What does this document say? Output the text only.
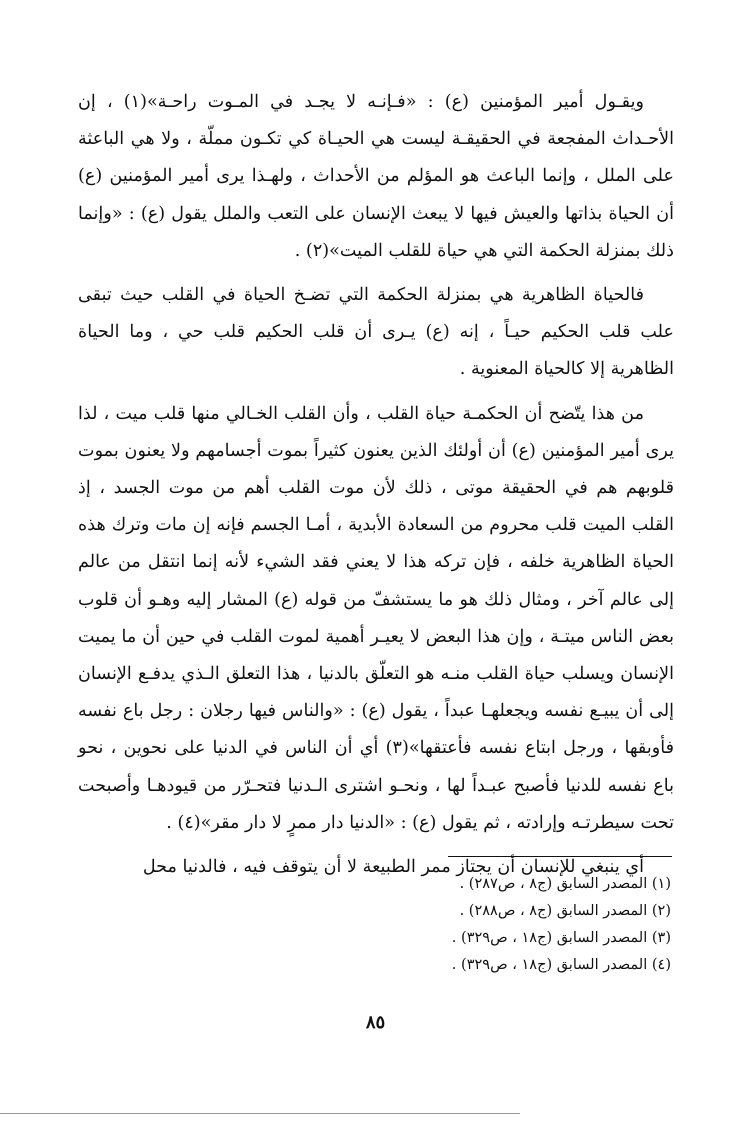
ويقـول أمير المؤمنين (ع) : «فـإنـه لا يجـد في المـوت راحـة»(١) ، إن الأحـداث المفجعة في الحقيقـة ليست هي الحيـاة كي تكـون مملّة ، ولا هي الباعثة على الملل ، وإنما الباعث هو المؤلم من الأحداث ، ولهـذا يرى أمير المؤمنين (ع) أن الحياة بذاتها والعيش فيها لا يبعث الإنسان على التعب والملل يقول (ع) : «وإنما ذلك بمنزلة الحكمة التي هي حياة للقلب الميت»(٢) .

فالحياة الظاهرية هي بمنزلة الحكمة التي تضـخ الحياة في القلب حيث تبقى علب قلب الحكيم حيـاً ، إنه (ع) يـرى أن قلب الحكيم قلب حي ، وما الحياة الظاهرية إلا كالحياة المعنوية .

من هذا يتّضح أن الحكمـة حياة القلب ، وأن القلب الخـالي منها قلب ميت ، لذا يرى أمير المؤمنين (ع) أن أولئك الذين يعنون كثيراً بموت أجسامهم ولا يعنون بموت قلوبهم هم في الحقيقة موتى ، ذلك لأن موت القلب أهم من موت الجسد ، إذ القلب الميت قلب محروم من السعادة الأبدية ، أمـا الجسم فإنه إن مات وترك هذه الحياة الظاهرية خلفه ، فإن تركه هذا لا يعني فقد الشيء لأنه إنما انتقل من عالم إلى عالم آخر ، ومثال ذلك هو ما يستشفّ من قوله (ع) المشار إليه وهـو أن قلوب بعض الناس ميتـة ، وإن هذا البعض لا يعيـر أهمية لموت القلب في حين أن ما يميت الإنسان ويسلب حياة القلب منـه هو التعلّق بالدنيا ، هذا التعلق الـذي يدفـع الإنسان إلى أن يبيـع نفسه ويجعلهـا عبداً ، يقول (ع) : «والناس فيها رجلان : رجل باع نفسه فأوبقها ، ورجل ابتاع نفسه فأعتقها»(٣) أي أن الناس في الدنيا على نحوين ، نحو باع نفسه للدنيا فأصبح عبـداً لها ، ونحـو اشترى الـدنيا فتحـرّر من قيودهـا وأصبحت تحت سيطرتـه وإرادته ، ثم يقول (ع) : «الدنيا دار ممرٍ لا دار مقر»(٤) .

أي ينبغي للإنسان أن يجتاز ممر الطبيعة لا أن يتوقف فيه ، فالدنيا محل

(١) المصدر السابق (ج٨ ، ص٢٨٧) .

(٢) المصدر السابق (ج٨ ، ص٢٨٨) .

(٣) المصدر السابق (ج١٨ ، ص٣٢٩) .

(٤) المصدر السابق (ج١٨ ، ص٣٢٩) .

٨٥
